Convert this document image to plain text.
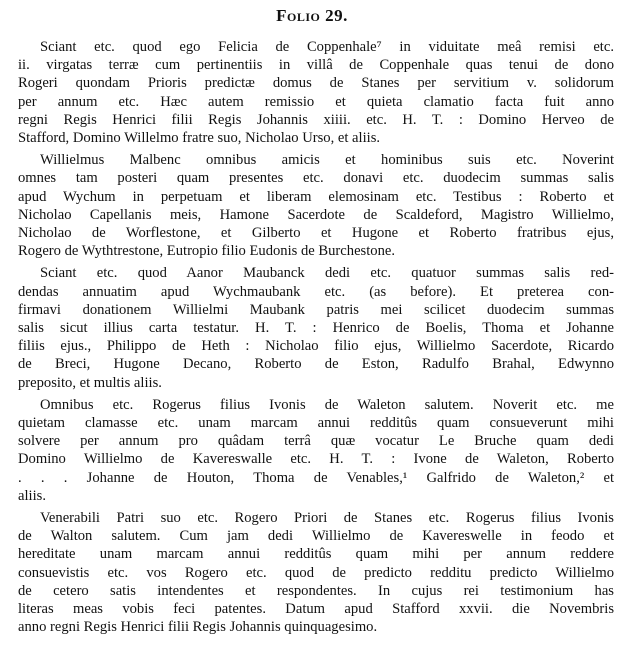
Folio 29.
Sciant etc. quod ego Felicia de Coppenhale⁷ in viduitate meâ remisi etc.
ii. virgatas terræ cum pertinentiis in villâ de Coppenhale quas tenui de dono
Rogeri quondam Prioris predictæ domus de Stanes per servitium v. solidorum
per annum etc. Hæc autem remissio et quieta clamatio facta fuit anno
regni Regis Henrici filii Regis Johannis xiiii. etc. H. T. : Domino Herveo de
Stafford, Domino Willelmo fratre suo, Nicholao Urso, et aliis.
Willielmus Malbenc omnibus amicis et hominibus suis etc. Noverint
omnes tam posteri quam presentes etc. donavi etc. duodecim summas salis
apud Wychum in perpetuam et liberam elemosinam etc. Testibus : Roberto et
Nicholao Capellanis meis, Hamone Sacerdote de Scaldeford, Magistro Willielmo,
Nicholao de Worflestone, et Gilberto et Hugone et Roberto fratribus ejus,
Rogero de Wythtrestone, Eutropio filio Eudonis de Burchestone.
Sciant etc. quod Aanor Maubanck dedi etc. quatuor summas salis red-
dendas annuatim apud Wychmaubank etc. (as before). Et preterea con-
firmavi donationem Willielmi Maubank patris mei scilicet duodecim summas
salis sicut illius carta testatur. H. T. : Henrico de Boelis, Thoma et Johanne
filiis ejus., Philippo de Heth : Nicholao filio ejus, Willielmo Sacerdote, Ricardo
de Breci, Hugone Decano, Roberto de Eston, Radulfo Brahal, Edwynno
preposito, et multis aliis.
Omnibus etc. Rogerus filius Ivonis de Waleton salutem. Noverit etc. me
quietam clamasse etc. unam marcam annui redditûs quam consueverunt mihi
solvere per annum pro quâdam terrâ quæ vocatur Le Bruche quam dedi
Domino Willielmo de Kavereswalle etc. H. T. : Ivone de Waleton, Roberto
. . . Johanne de Houton, Thoma de Venables,¹ Galfrido de Waleton,² et
aliis.
Venerabili Patri suo etc. Rogero Priori de Stanes etc. Rogerus filius Ivonis
de Walton salutem. Cum jam dedi Willielmo de Kavereswelle in feodo et
hereditate unam marcam annui redditûs quam mihi per annum reddere
consuevistis etc. vos Rogero etc. quod de predicto redditu predicto Willielmo
de cetero satis intendentes et respondentes. In cujus rei testimonium has
literas meas vobis feci patentes. Datum apud Stafford xxvii. die Novembris
anno regni Regis Henrici filii Regis Johannis quinquagesimo.
